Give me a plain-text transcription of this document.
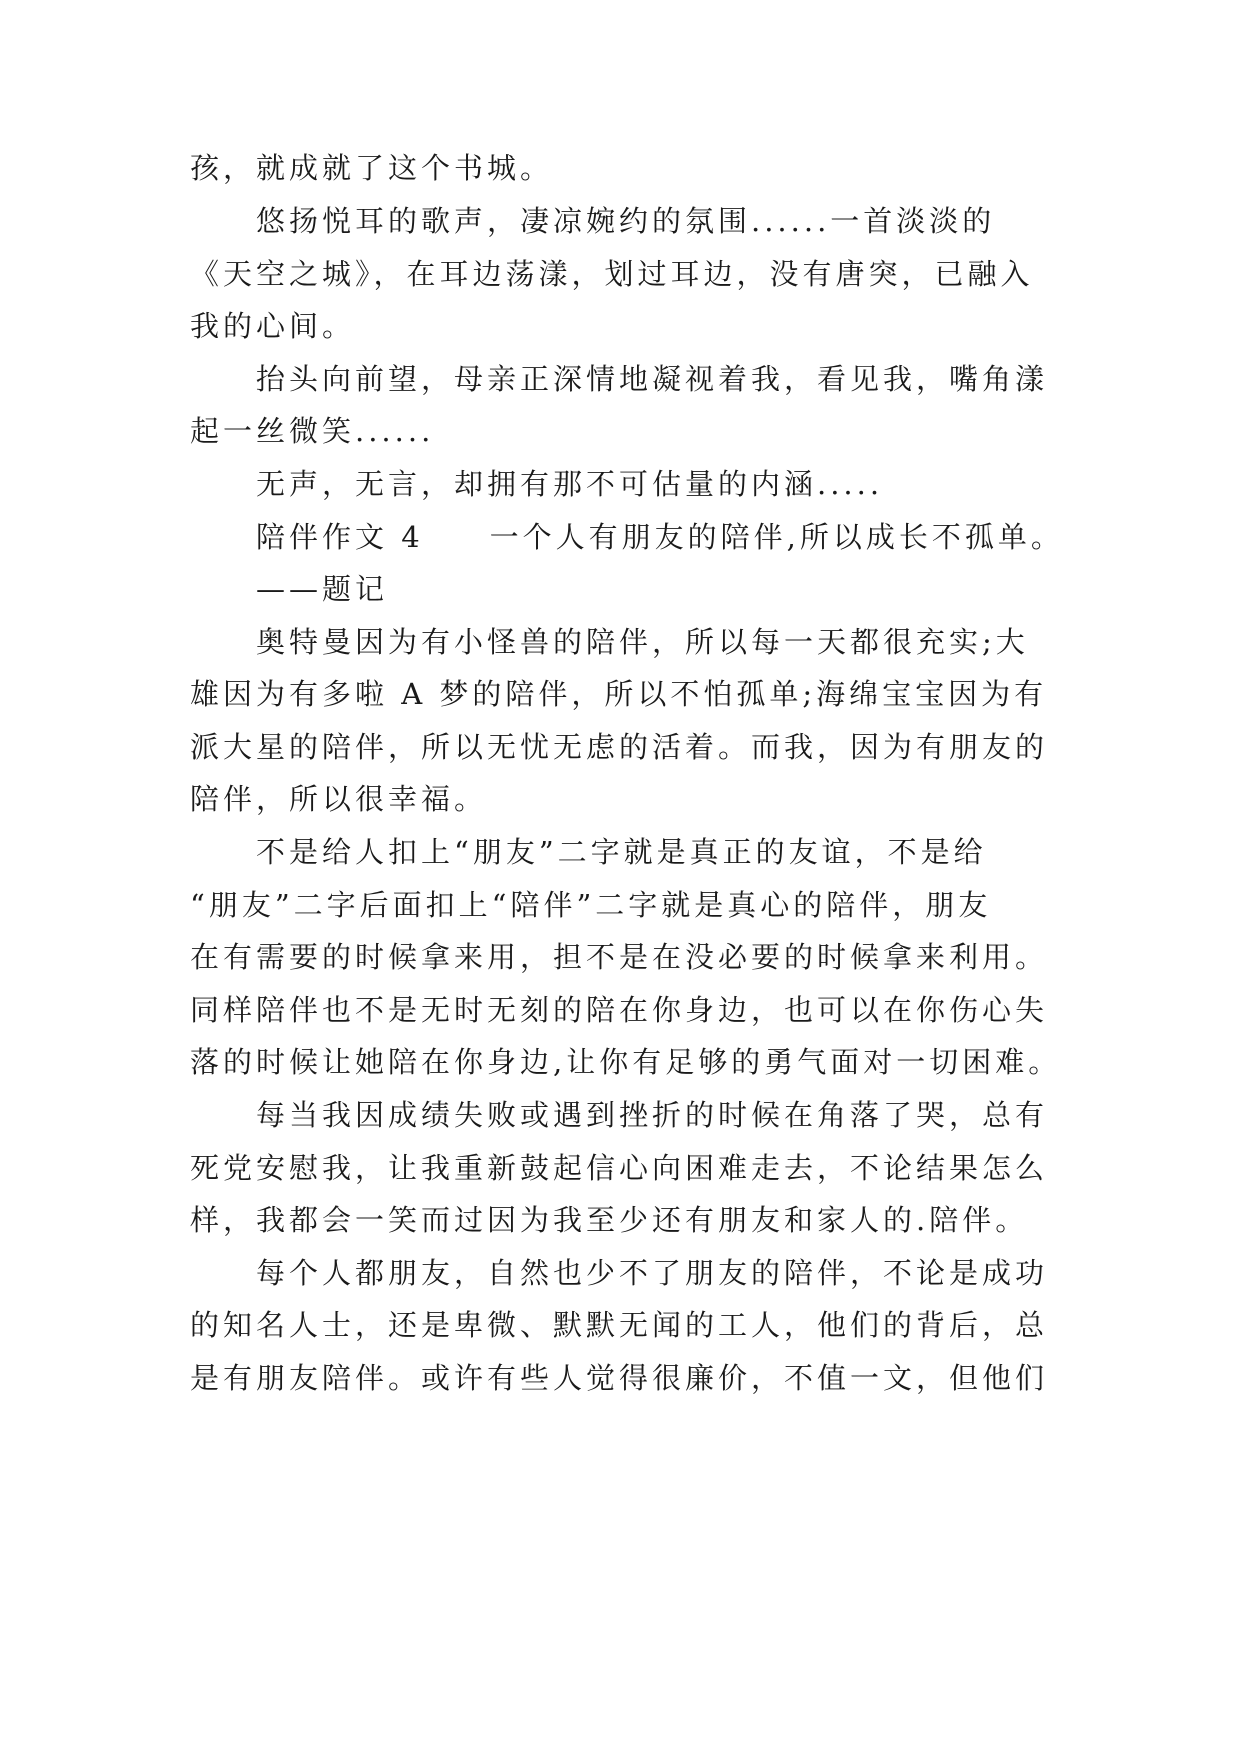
孩，就成就了这个书城。
悠扬悦耳的歌声，凄凉婉约的氛围......一首淡淡的
《天空之城》，在耳边荡漾，划过耳边，没有唐突，已融入
我的心间。
抬头向前望，母亲正深情地凝视着我，看见我，嘴角漾
起一丝微笑......
无声，无言，却拥有那不可估量的内涵.....
陪伴作文 4　　一个人有朋友的陪伴,所以成长不孤单。
——题记
奥特曼因为有小怪兽的陪伴，所以每一天都很充实;大
雄因为有多啦 A 梦的陪伴，所以不怕孤单;海绵宝宝因为有
派大星的陪伴，所以无忧无虑的活着。而我，因为有朋友的
陪伴，所以很幸福。
不是给人扣上“朋友”二字就是真正的友谊，不是给
“朋友”二字后面扣上“陪伴”二字就是真心的陪伴，朋友
在有需要的时候拿来用，担不是在没必要的时候拿来利用。
同样陪伴也不是无时无刻的陪在你身边，也可以在你伤心失
落的时候让她陪在你身边,让你有足够的勇气面对一切困难。
每当我因成绩失败或遇到挫折的时候在角落了哭，总有
死党安慰我，让我重新鼓起信心向困难走去，不论结果怎么
样，我都会一笑而过因为我至少还有朋友和家人的.陪伴。
每个人都朋友，自然也少不了朋友的陪伴，不论是成功
的知名人士，还是卑微、默默无闻的工人，他们的背后，总
是有朋友陪伴。或许有些人觉得很廉价，不值一文，但他们
